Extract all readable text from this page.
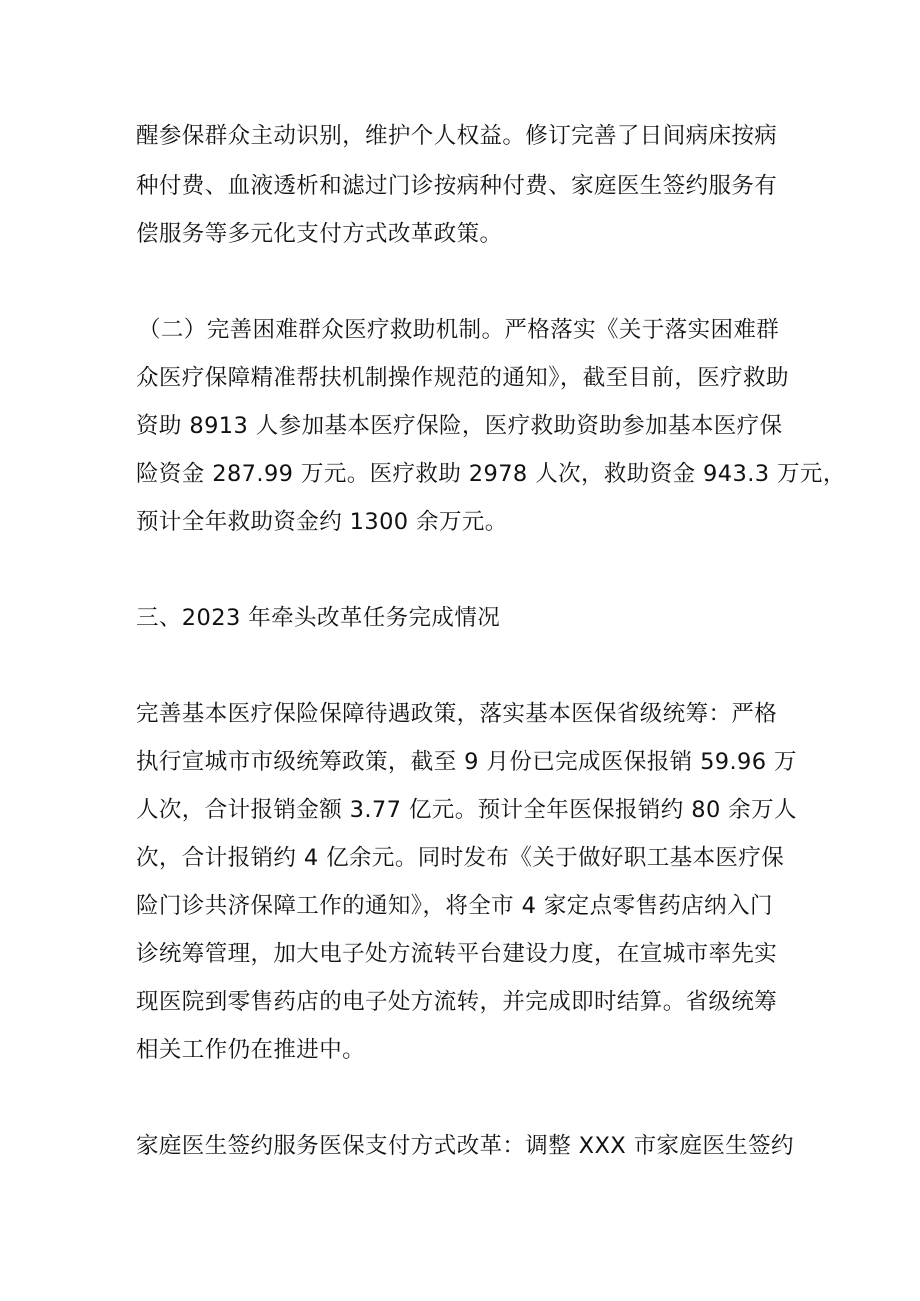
醒参保群众主动识别，维护个人权益。修订完善了日间病床按病
种付费、血液透析和滤过门诊按病种付费、家庭医生签约服务有
偿服务等多元化支付方式改革政策。
（二）完善困难群众医疗救助机制。严格落实《关于落实困难群
众医疗保障精准帮扶机制操作规范的通知》，截至目前，医疗救助
资助 8913 人参加基本医疗保险，医疗救助资助参加基本医疗保
险资金 287.99 万元。医疗救助 2978 人次，救助资金 943.3 万元，
预计全年救助资金约 1300 余万元。
三、2023 年牵头改革任务完成情况
完善基本医疗保险保障待遇政策，落实基本医保省级统筹：严格
执行宣城市市级统筹政策，截至 9 月份已完成医保报销 59.96 万
人次，合计报销金额 3.77 亿元。预计全年医保报销约 80 余万人
次，合计报销约 4 亿余元。同时发布《关于做好职工基本医疗保
险门诊共济保障工作的通知》，将全市 4 家定点零售药店纳入门
诊统筹管理，加大电子处方流转平台建设力度，在宣城市率先实
现医院到零售药店的电子处方流转，并完成即时结算。省级统筹
相关工作仍在推进中。
家庭医生签约服务医保支付方式改革：调整 XXX 市家庭医生签约
